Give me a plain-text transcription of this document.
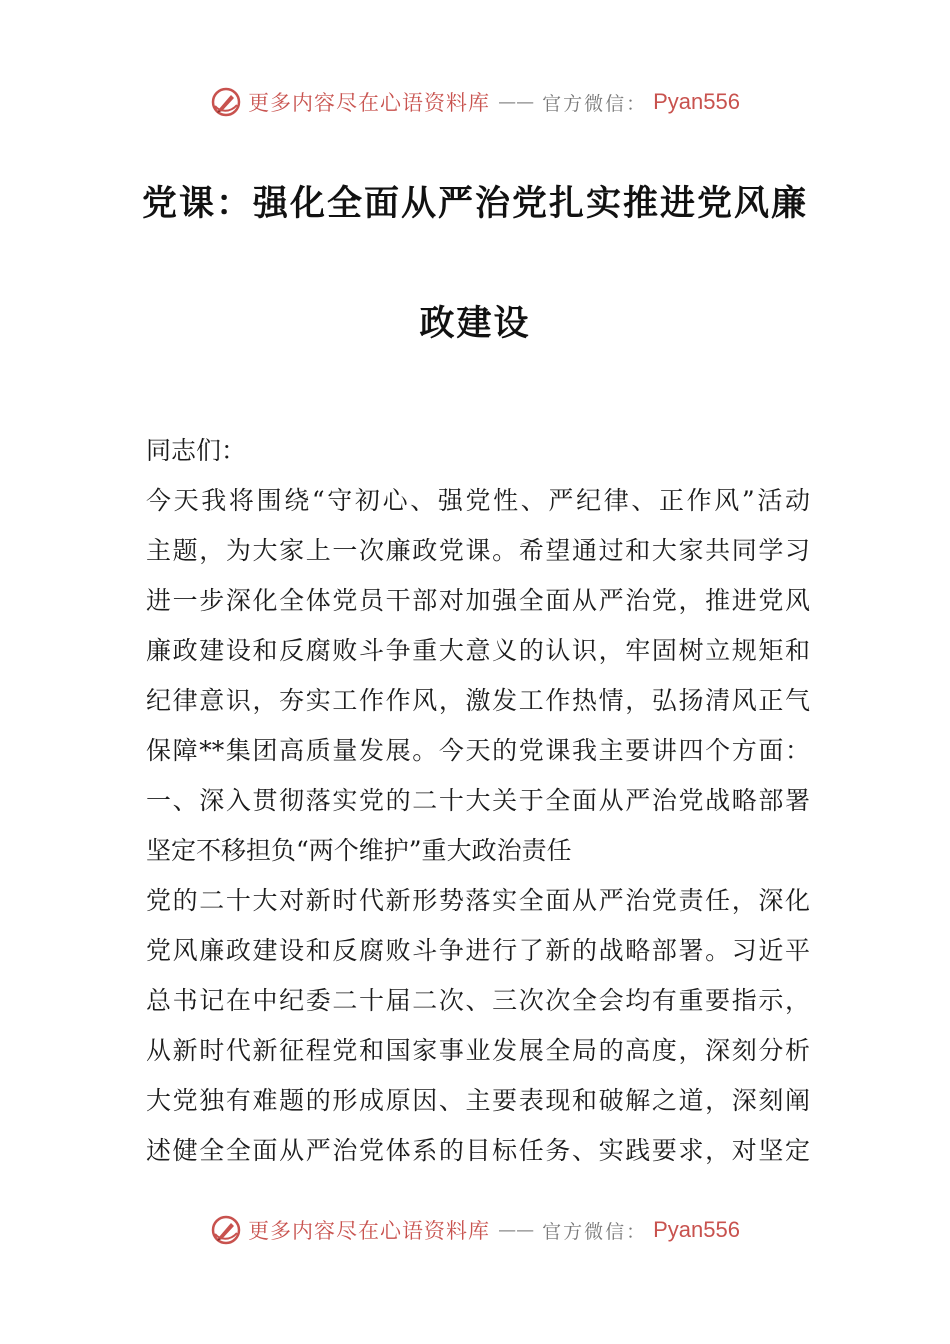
更多内容尽在心语资料库 —— 官方微信： Pyan556
党课：强化全面从严治党扎实推进党风廉
政建设
同志们：
今天我将围绕“守初心、强党性、严纪律、正作风”活动
主题，为大家上一次廉政党课。希望通过和大家共同学习
进一步深化全体党员干部对加强全面从严治党，推进党风
廉政建设和反腐败斗争重大意义的认识，牢固树立规矩和
纪律意识，夯实工作作风，激发工作热情，弘扬清风正气
保障**集团高质量发展。今天的党课我主要讲四个方面：
一、深入贯彻落实党的二十大关于全面从严治党战略部署
坚定不移担负“两个维护”重大政治责任
党的二十大对新时代新形势落实全面从严治党责任，深化
党风廉政建设和反腐败斗争进行了新的战略部署。习近平
总书记在中纪委二十届二次、三次次全会均有重要指示，
从新时代新征程党和国家事业发展全局的高度，深刻分析
大党独有难题的形成原因、主要表现和破解之道，深刻阐
述健全全面从严治党体系的目标任务、实践要求，对坚定
更多内容尽在心语资料库 —— 官方微信： Pyan556
